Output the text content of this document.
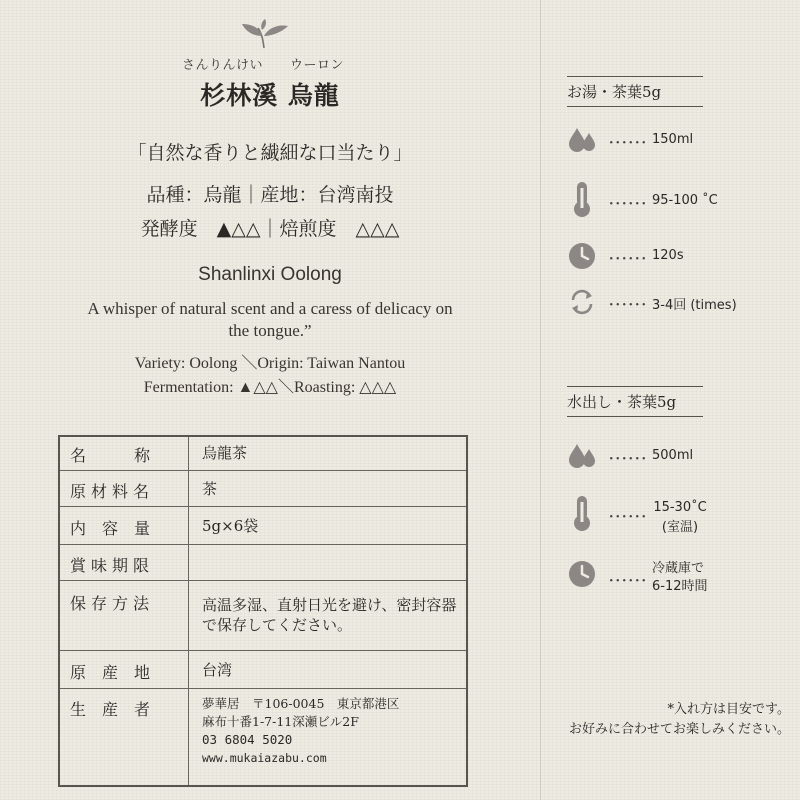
さんりんけい ウーロン
杉林溪 烏龍
「自然な香りと繊細な口当たり」
品種：烏龍｜産地：台湾南投
発酵度　▲△△｜焙煎度　△△△
Shanlinxi Oolong
A whisper of natural scent and a caress of delicacy on the tongue.”
Variety: Oolong ＼Origin: Taiwan Nantou
Fermentation: ▲△△＼Roasting: △△△
名　　　称	烏龍茶
原材料名	茶
内容量	5g×6袋
賞味期限
保存方法	高温多湿、直射日光を避け、密封容器で保存してください。
原産地	台湾
生産者	夢華居　〒106-0045　東京都港区
麻布十番1-7-11深瀬ビル2F
03 6804 5020
www.mukaiazabu.com
お湯・茶葉5g
･･････ 150ml
･･････ 95-100 ˚C
･･････ 120s
･･････ 3-4回 (times)
水出し・茶葉5g
･･････ 500ml
･･････
15-30˚C
(室温)
･･････
冷蔵庫で
6-12時間
*入れ方は目安です。
お好みに合わせてお楽しみください。
